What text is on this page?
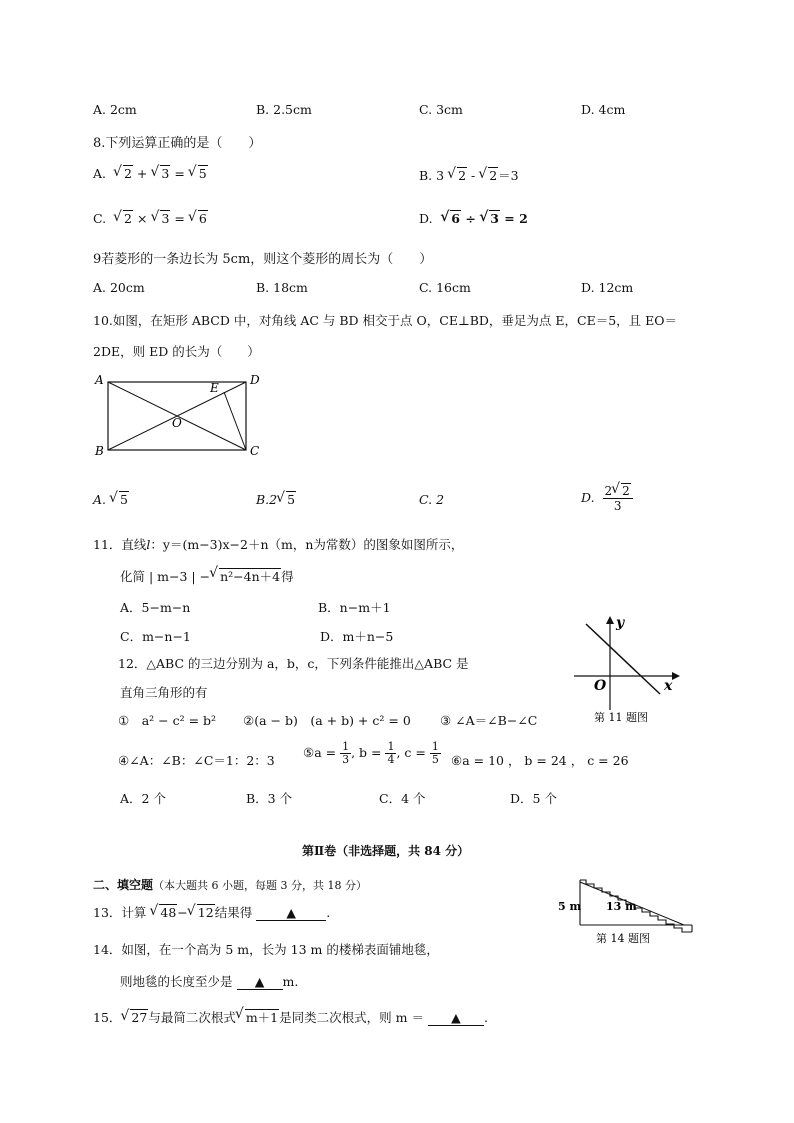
A. 2cm	B. 2.5cm	C. 3cm	D. 4cm
8.下列运算正确的是（　　）
A. √ 2 + √ 3 = √ 5	B. 3 √ 2 - √ 2＝3
C. √ 2 × √ 3 = √ 6	D. √ 6 ÷ √ 3 = 2
9若菱形的一条边长为 5cm，则这个菱形的周长为（　　）
A. 20cm	B. 18cm	C. 16cm	D. 12cm
10.如图，在矩形 ABCD 中，对角线 AC 与 BD 相交于点 O，CE⊥BD，垂足为点 E，CE＝5，且 EO＝
2DE，则 ED 的长为（　　）
A
B	C
D
E
O
A. √ 5	B.2 √ 5	C. 2	D. $\frac{2 √ 2}{3}$
11．直线l：y＝(m−3)x−2＋n（m，n为常数）的图象如图所示，
化简 | m−3 | − √ n²−4n＋4得
A．5−m−n	B．n−m＋1
C．m−n−1	D．m＋n−5
y
x
O
第 11 题图
12．△ABC 的三边分别为 a，b，c，下列条件能推出△ABC 是
直角三角形的有
①　a² − c² = b² ②(a − b)　(a + b) + c² = 0 ③ ∠A＝∠B−∠C
④∠A：∠B：∠C＝1：2：3
⑤a = $\frac{1}{3}$ , $b = \frac{1}{4}$ , $c = \frac{1}{5}$ ⑥a = 10 ， b = 24 ， c = 26
A．2 个	B．3 个	C．4 个	D．5 个
第Ⅱ卷（非选择题，共 84 分）
二、填空题（本大题共 6 小题，每题 3 分，共 18 分）
13．计算 √ 48− √ 12结果得	▲ .
14．如图，在一个高为 5 m，长为 13 m 的楼梯表面铺地毯，
则地毯的长度至少是 ▲ m.
5 m 13 m
第 14 题图
15． √ 27与最简二次根式 √ m＋1是同类二次根式，则 m ＝ ▲ .
